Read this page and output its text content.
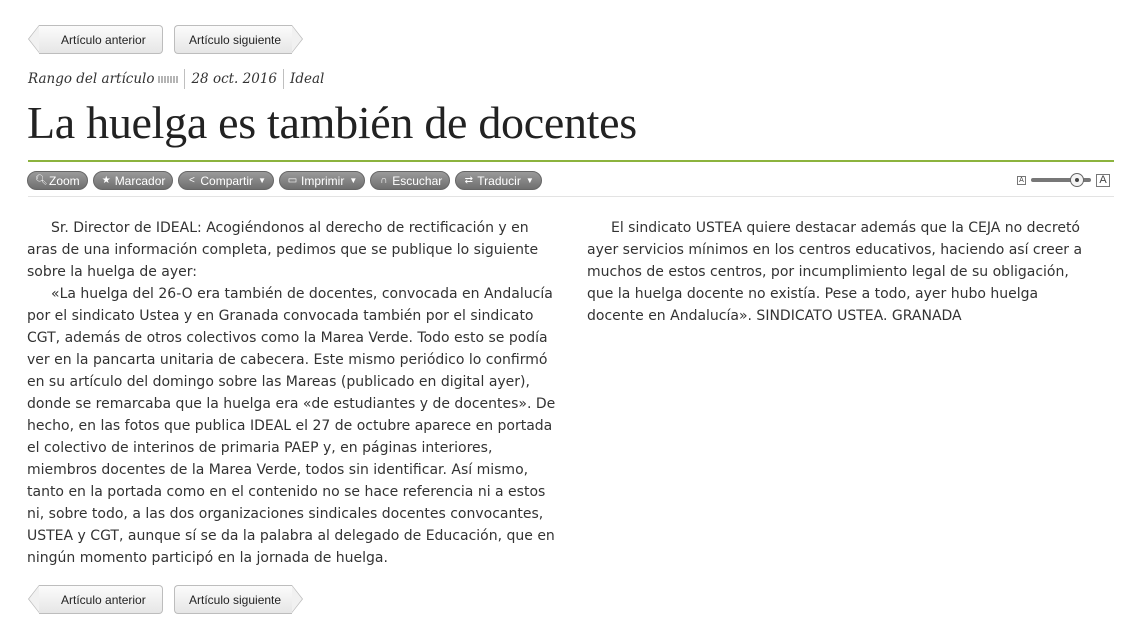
Artículo anterior	Artículo siguiente
Rango del artículo	28 oct. 2016 Ideal
La huelga es también de docentes
🔍︎ Zoom ★ Marcador < Compartir ▼ ▭ Imprimir ▼ ∩ Escuchar ⇄ Traducir ▼	A	A

Sr. Director de IDEAL: Acogiéndonos al derecho de rectificación y en aras de una información completa, pedimos que se publique lo siguiente sobre la huelga de ayer:

«La huelga del 26-O era también de docentes, convocada en Andalucía por el sindicato Ustea y en Granada convocada también por el sindicato CGT, además de otros colectivos como la Marea Verde. Todo esto se podía ver en la pancarta unitaria de cabecera. Este mismo periódico lo confirmó en su artículo del domingo sobre las Mareas (publicado en digital ayer), donde se remarcaba que la huelga era «de estudiantes y de docentes». De hecho, en las fotos que publica IDEAL el 27 de octubre aparece en portada el colectivo de interinos de primaria PAEP y, en páginas interiores, miembros docentes de la Marea Verde, todos sin identificar. Así mismo, tanto en la portada como en el contenido no se hace referencia ni a estos ni, sobre todo, a las dos organizaciones sindicales docentes convocantes, USTEA y CGT, aunque sí se da la palabra al delegado de Educación, que en ningún momento participó en la jornada de huelga.

El sindicato USTEA quiere destacar además que la CEJA no decretó ayer servicios mínimos en los centros educativos, haciendo así creer a muchos de estos centros, por incumplimiento legal de su obligación, que la huelga docente no existía. Pese a todo, ayer hubo huelga docente en Andalucía». SINDICATO USTEA. GRANADA

Artículo anterior	Artículo siguiente
